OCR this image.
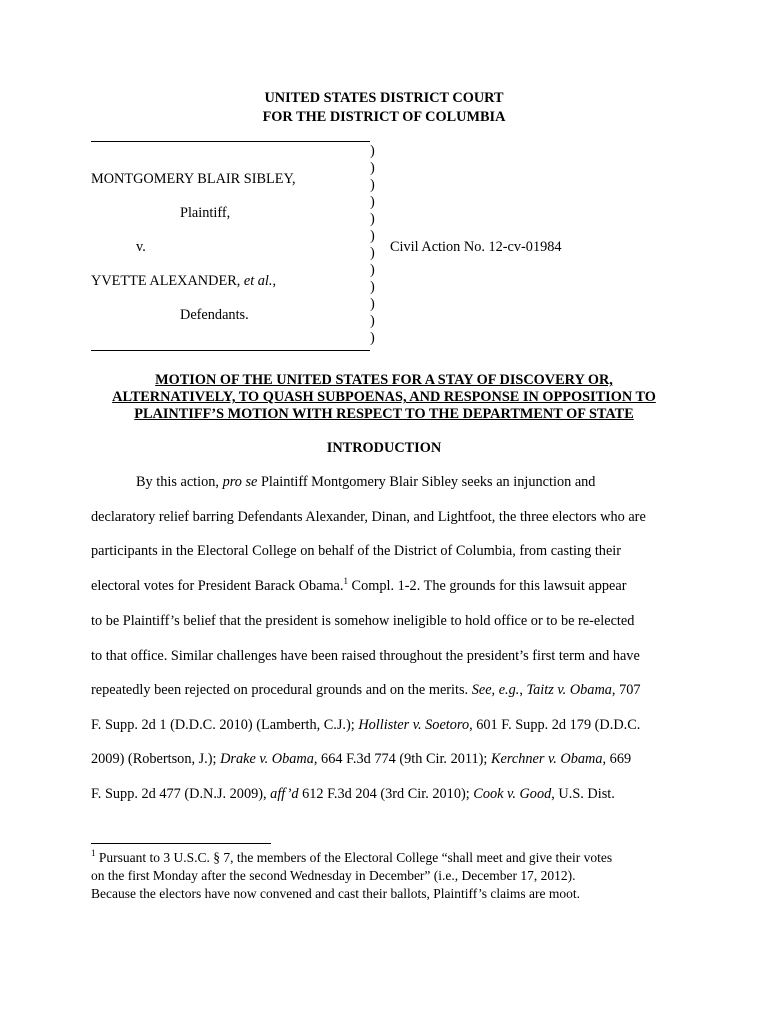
UNITED STATES DISTRICT COURT
FOR THE DISTRICT OF COLUMBIA
)
)
)
)
)
)
)
)
)
)
)
)
MONTGOMERY BLAIR SIBLEY,
Plaintiff,
v.
YVETTE ALEXANDER, et al.,
Defendants.
Civil Action No. 12-cv-01984
MOTION OF THE UNITED STATES FOR A STAY OF DISCOVERY OR,
ALTERNATIVELY, TO QUASH SUBPOENAS, AND RESPONSE IN OPPOSITION TO
PLAINTIFF’S MOTION WITH RESPECT TO THE DEPARTMENT OF STATE
INTRODUCTION
By this action, pro se Plaintiff Montgomery Blair Sibley seeks an injunction and
declaratory relief barring Defendants Alexander, Dinan, and Lightfoot, the three electors who are
participants in the Electoral College on behalf of the District of Columbia, from casting their
electoral votes for President Barack Obama.$^1$ Compl. 1-2. The grounds for this lawsuit appear
to be Plaintiff’s belief that the president is somehow ineligible to hold office or to be re-elected
to that office. Similar challenges have been raised throughout the president’s first term and have
repeatedly been rejected on procedural grounds and on the merits. See, e.g., Taitz v. Obama, 707
F. Supp. 2d 1 (D.D.C. 2010) (Lamberth, C.J.); Hollister v. Soetoro, 601 F. Supp. 2d 179 (D.D.C.
2009) (Robertson, J.); Drake v. Obama, 664 F.3d 774 (9th Cir. 2011); Kerchner v. Obama, 669
F. Supp. 2d 477 (D.N.J. 2009), aff’d 612 F.3d 204 (3rd Cir. 2010); Cook v. Good, U.S. Dist.
$^1$ Pursuant to 3 U.S.C. § 7, the members of the Electoral College “shall meet and give their votes
on the first Monday after the second Wednesday in December” (i.e., December 17, 2012).
Because the electors have now convened and cast their ballots, Plaintiff’s claims are moot.
